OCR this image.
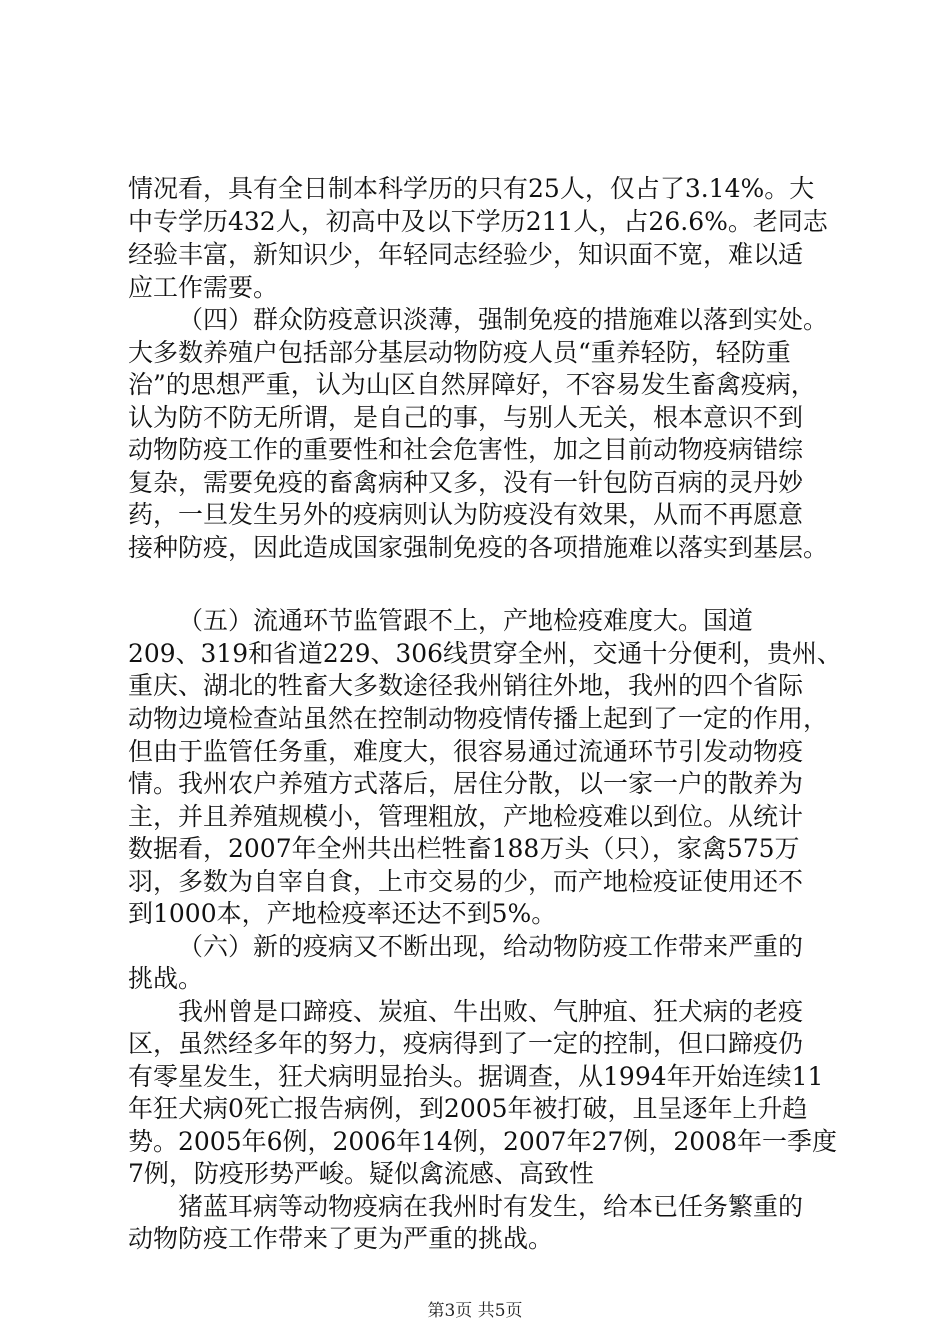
情况看，具有全日制本科学历的只有25人，仅占了3.14%。大

中专学历432人，初高中及以下学历211人，占26.6%。老同志

经验丰富，新知识少，年轻同志经验少，知识面不宽，难以适

应工作需要。

（四）群众防疫意识淡薄，强制免疫的措施难以落到实处。

大多数养殖户包括部分基层动物防疫人员“重养轻防，轻防重

治”的思想严重，认为山区自然屏障好，不容易发生畜禽疫病，

认为防不防无所谓，是自己的事，与别人无关，根本意识不到

动物防疫工作的重要性和社会危害性，加之目前动物疫病错综

复杂，需要免疫的畜禽病种又多，没有一针包防百病的灵丹妙

药，一旦发生另外的疫病则认为防疫没有效果，从而不再愿意

接种防疫，因此造成国家强制免疫的各项措施难以落实到基层。

（五）流通环节监管跟不上，产地检疫难度大。国道

209、319和省道229、306线贯穿全州，交通十分便利，贵州、

重庆、湖北的牲畜大多数途径我州销往外地，我州的四个省际

动物边境检查站虽然在控制动物疫情传播上起到了一定的作用，

但由于监管任务重，难度大，很容易通过流通环节引发动物疫

情。我州农户养殖方式落后，居住分散，以一家一户的散养为

主，并且养殖规模小，管理粗放，产地检疫难以到位。从统计

数据看，2007年全州共出栏牲畜188万头（只），家禽575万

羽，多数为自宰自食，上市交易的少，而产地检疫证使用还不

到1000本，产地检疫率还达不到5%。

（六）新的疫病又不断出现，给动物防疫工作带来严重的

挑战。

我州曾是口蹄疫、炭疽、牛出败、气肿疽、狂犬病的老疫

区，虽然经多年的努力，疫病得到了一定的控制，但口蹄疫仍

有零星发生，狂犬病明显抬头。据调查，从1994年开始连续11

年狂犬病0死亡报告病例，到2005年被打破，且呈逐年上升趋

势。2005年6例，2006年14例，2007年27例，2008年一季度

7例，防疫形势严峻。疑似禽流感、高致性

猪蓝耳病等动物疫病在我州时有发生，给本已任务繁重的

动物防疫工作带来了更为严重的挑战。

第3页 共5页
